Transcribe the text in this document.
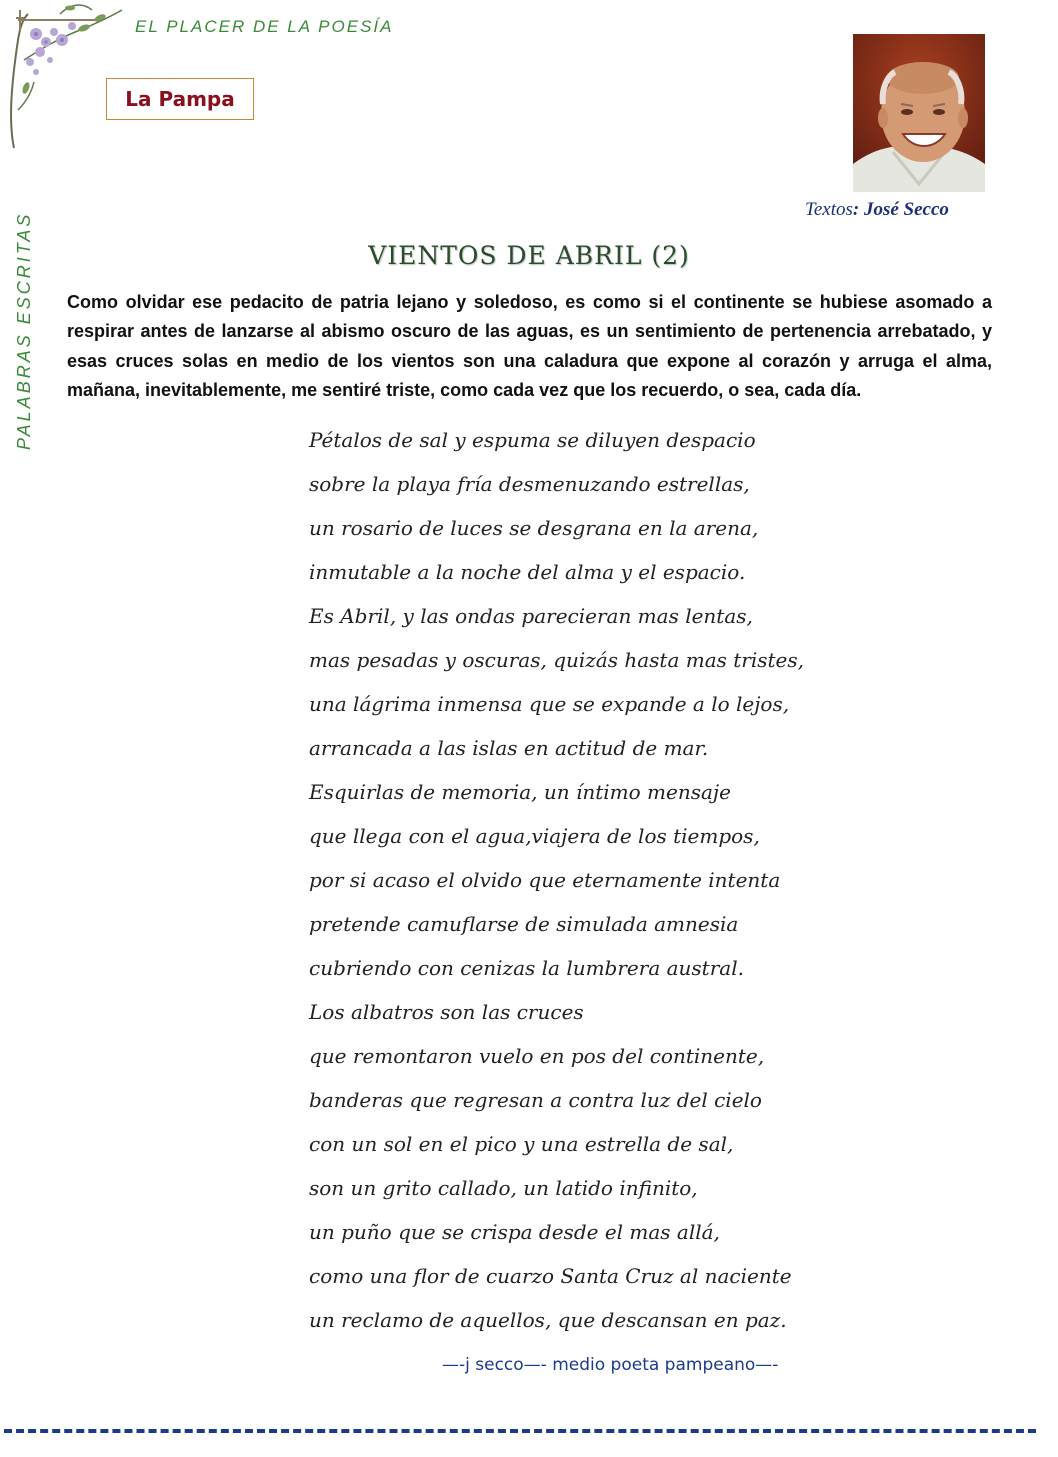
EL PLACER DE LA POESÍA
PALABRAS ESCRITAS
La Pampa
Textos: José Secco
VIENTOS DE ABRIL (2)

Como olvidar ese pedacito de patria lejano y soledoso, es como si el continente se hubiese asomado a respirar antes de lanzarse al abismo oscuro de las aguas, es un sentimiento de pertenencia arrebatado, y esas cruces solas en medio de los vientos son una caladura que expone al corazón y arruga el alma, mañana, inevitablemente, me sentiré triste, como cada vez que los recuerdo, o sea, cada día.

Pétalos de sal y espuma se diluyen despacio
sobre la playa fría desmenuzando estrellas,
un rosario de luces se desgrana en la arena,
inmutable a la noche del alma y el espacio.
Es Abril, y las ondas parecieran mas lentas,
mas pesadas y oscuras, quizás hasta mas tristes,
una lágrima inmensa que se expande a lo lejos,
arrancada a las islas en actitud de mar.
Esquirlas de memoria, un íntimo mensaje
que llega con el agua,viajera de los tiempos,
por si acaso el olvido que eternamente intenta
pretende camuflarse de simulada amnesia
cubriendo con cenizas la lumbrera austral.
Los albatros son las cruces
que remontaron vuelo en pos del continente,
banderas que regresan a contra luz del cielo
con un sol en el pico y una estrella de sal,
son un grito callado, un latido infinito,
un puño que se crispa desde el mas allá,
como una flor de cuarzo Santa Cruz al naciente
un reclamo de aquellos, que descansan en paz.
—-j secco—- medio poeta pampeano—-
